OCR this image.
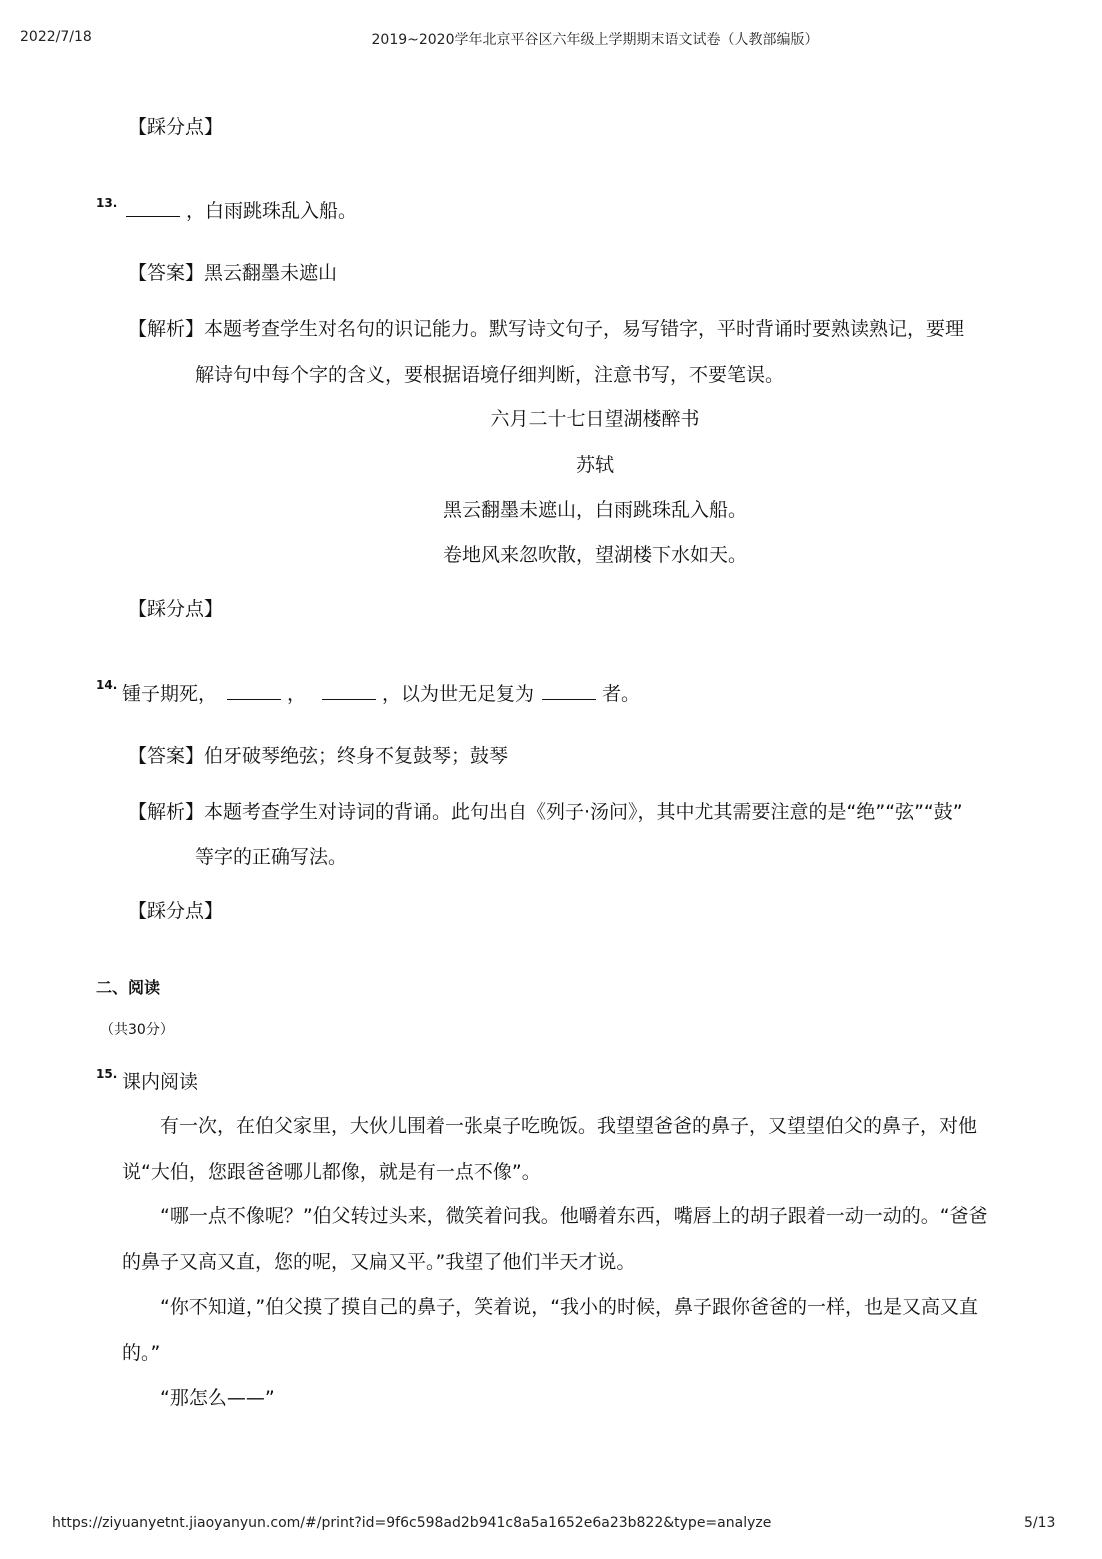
2022/7/18	2019~2020学年北京平谷区六年级上学期期末语文试卷（人教部编版）
【踩分点】
13.	，白雨跳珠乱入船。
【答案】黑云翻墨未遮山
【解析】本题考查学生对名句的识记能力。默写诗文句子，易写错字，平时背诵时要熟读熟记，要理
解诗句中每个字的含义，要根据语境仔细判断，注意书写，不要笔误。
六月二十七日望湖楼醉书
苏轼
黑云翻墨未遮山，白雨跳珠乱入船。
卷地风来忽吹散，望湖楼下水如天。
【踩分点】
14. 锺子期死，	，	，以为世无足复为	者。
【答案】伯牙破琴绝弦；终身不复鼓琴；鼓琴
【解析】本题考查学生对诗词的背诵。此句出自《列子·汤问》，其中尤其需要注意的是“绝”“弦”“鼓”
等字的正确写法。
【踩分点】
二、阅读
（共30分）
15. 课内阅读
有一次，在伯父家里，大伙儿围着一张桌子吃晚饭。我望望爸爸的鼻子，又望望伯父的鼻子，对他
说“大伯，您跟爸爸哪儿都像，就是有一点不像”。
“哪一点不像呢？”伯父转过头来，微笑着问我。他嚼着东西，嘴唇上的胡子跟着一动一动的。“爸爸
的鼻子又高又直，您的呢，又扁又平。”我望了他们半天才说。
“你不知道，”伯父摸了摸自己的鼻子，笑着说，“我小的时候，鼻子跟你爸爸的一样，也是又高又直
的。”
“那怎么——”
https://ziyuanyetnt.jiaoyanyun.com/#/print?id=9f6c598ad2b941c8a5a1652e6a23b822&type=analyze	5/13
